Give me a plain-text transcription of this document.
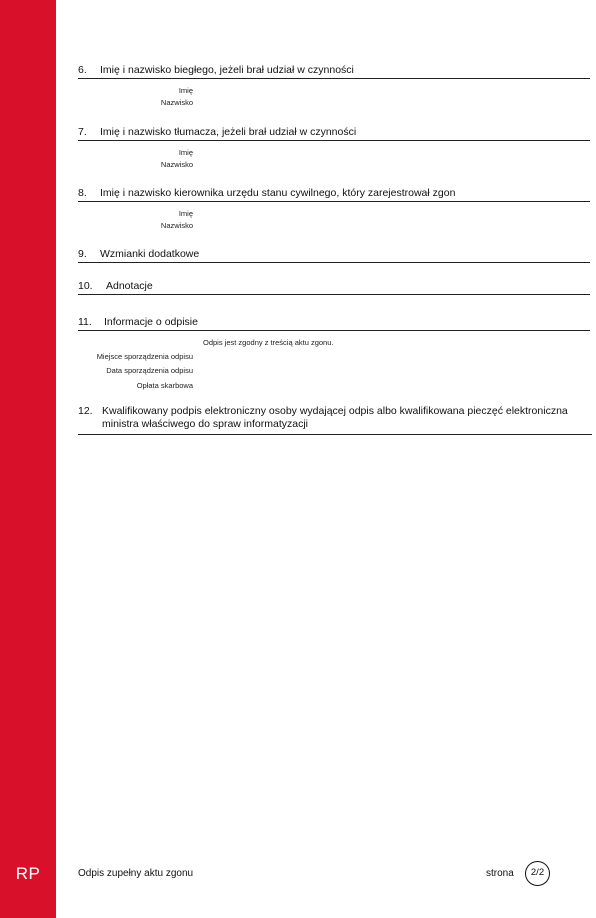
RP
6. Imię i nazwisko biegłego, jeżeli brał udział w czynności
Imię
Nazwisko
7. Imię i nazwisko tłumacza, jeżeli brał udział w czynności
Imię
Nazwisko
8. Imię i nazwisko kierownika urzędu stanu cywilnego, który zarejestrował zgon
Imię
Nazwisko
9. Wzmianki dodatkowe
10. Adnotacje
11. Informacje o odpisie
Odpis jest zgodny z treścią aktu zgonu.
Miejsce sporządzenia odpisu
Data sporządzenia odpisu
Opłata skarbowa
12. Kwalifikowany podpis elektroniczny osoby wydającej odpis albo kwalifikowana pieczęć elektroniczna ministra właściwego do spraw informatyzacji
Odpis zupełny aktu zgonu	strona	2/2
